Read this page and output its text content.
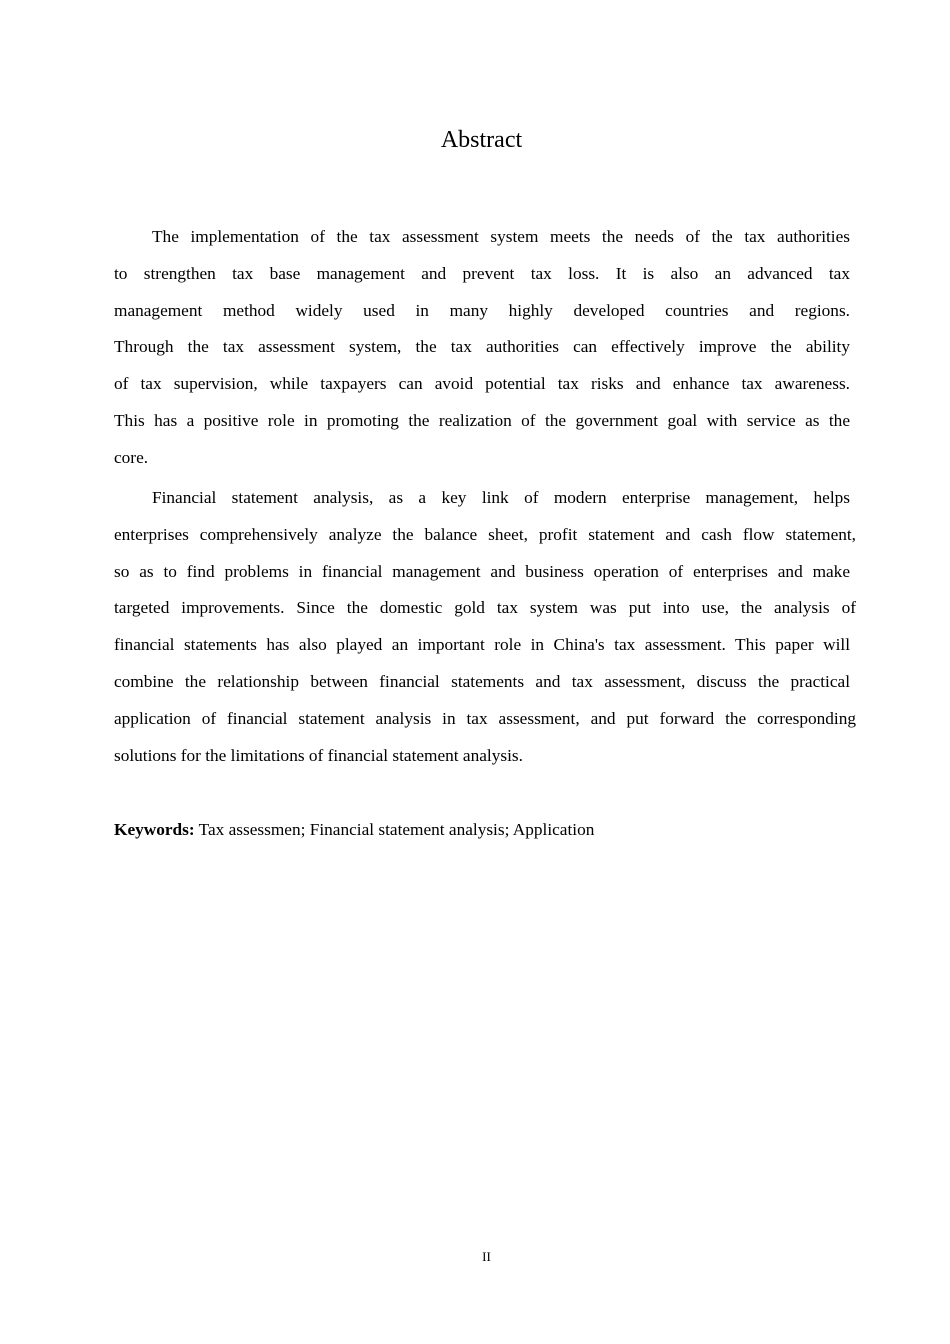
Abstract
The implementation of the tax assessment system meets the needs of the tax authorities
to strengthen tax base management and prevent tax loss. It is also an advanced tax
management method widely used in many highly developed countries and regions.
Through the tax assessment system, the tax authorities can effectively improve the ability
of tax supervision, while taxpayers can avoid potential tax risks and enhance tax awareness.
This has a positive role in promoting the realization of the government goal with service as the
core.
Financial statement analysis, as a key link of modern enterprise management, helps
enterprises comprehensively analyze the balance sheet, profit statement and cash flow statement,
so as to find problems in financial management and business operation of enterprises and make
targeted improvements. Since the domestic gold tax system was put into use, the analysis of
financial statements has also played an important role in China's tax assessment. This paper will
combine the relationship between financial statements and tax assessment, discuss the practical
application of financial statement analysis in tax assessment, and put forward the corresponding
solutions for the limitations of financial statement analysis.
Keywords: Tax assessmen; Financial statement analysis; Application
II
